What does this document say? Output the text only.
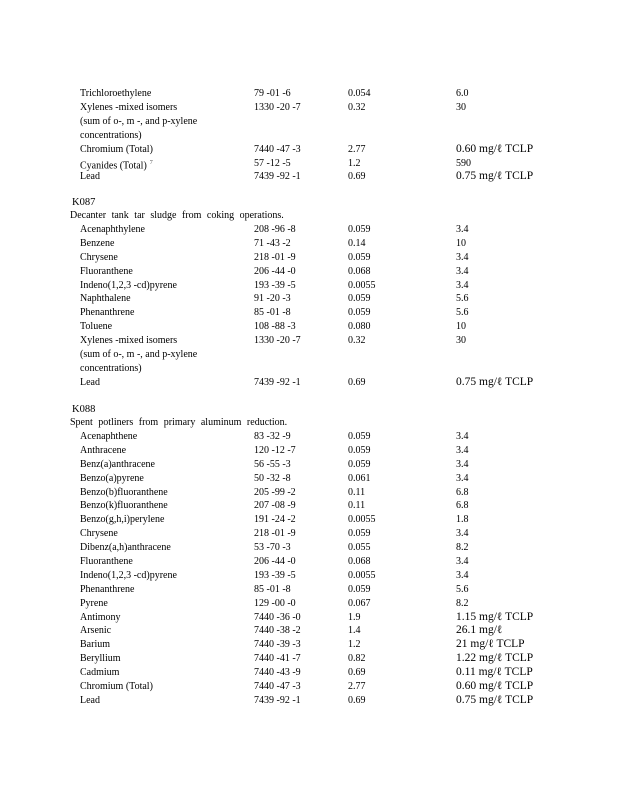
Trichloroethylene	79 -01 -6	0.054	6.0
Xylenes -mixed isomers
(sum of o-, m -, and p-xylene
concentrations)
1330 -20 -7	0.32	30
Chromium (Total)	7440 -47 -3	2.77	0.60 mg/ℓ TCLP
Cyanides (Total) $^7$	57 -12 -5	1.2	590
Lead	7439 -92 -1	0.69	0.75 mg/ℓ TCLP
K087
Decanter tank tar sludge from coking operations.
Acenaphthylene	208 -96 -8	0.059	3.4
Benzene	71 -43 -2	0.14	10
Chrysene	218 -01 -9	0.059	3.4
Fluoranthene	206 -44 -0	0.068	3.4
Indeno(1,2,3 -cd)pyrene	193 -39 -5	0.0055	3.4
Naphthalene	91 -20 -3	0.059	5.6
Phenanthrene	85 -01 -8	0.059	5.6
Toluene	108 -88 -3	0.080	10
Xylenes -mixed isomers
(sum of o-, m -, and p-xylene
concentrations)
1330 -20 -7	0.32	30
Lead	7439 -92 -1	0.69	0.75 mg/ℓ TCLP
K088
Spent potliners from primary aluminum reduction.
Acenaphthene	83 -32 -9	0.059	3.4
Anthracene	120 -12 -7	0.059	3.4
Benz(a)anthracene	56 -55 -3	0.059	3.4
Benzo(a)pyrene	50 -32 -8	0.061	3.4
Benzo(b)fluoranthene	205 -99 -2	0.11	6.8
Benzo(k)fluoranthene	207 -08 -9	0.11	6.8
Benzo(g,h,i)perylene	191 -24 -2	0.0055	1.8
Chrysene	218 -01 -9	0.059	3.4
Dibenz(a,h)anthracene	53 -70 -3	0.055	8.2
Fluoranthene	206 -44 -0	0.068	3.4
Indeno(1,2,3 -cd)pyrene	193 -39 -5	0.0055	3.4
Phenanthrene	85 -01 -8	0.059	5.6
Pyrene	129 -00 -0	0.067	8.2
Antimony	7440 -36 -0	1.9	1.15 mg/ℓ TCLP
Arsenic	7440 -38 -2	1.4	26.1 mg/ℓ
Barium	7440 -39 -3	1.2	21 mg/ℓ TCLP
Beryllium	7440 -41 -7	0.82	1.22 mg/ℓ TCLP
Cadmium	7440 -43 -9	0.69	0.11 mg/ℓ TCLP
Chromium (Total)	7440 -47 -3	2.77	0.60 mg/ℓ TCLP
Lead	7439 -92 -1	0.69	0.75 mg/ℓ TCLP
